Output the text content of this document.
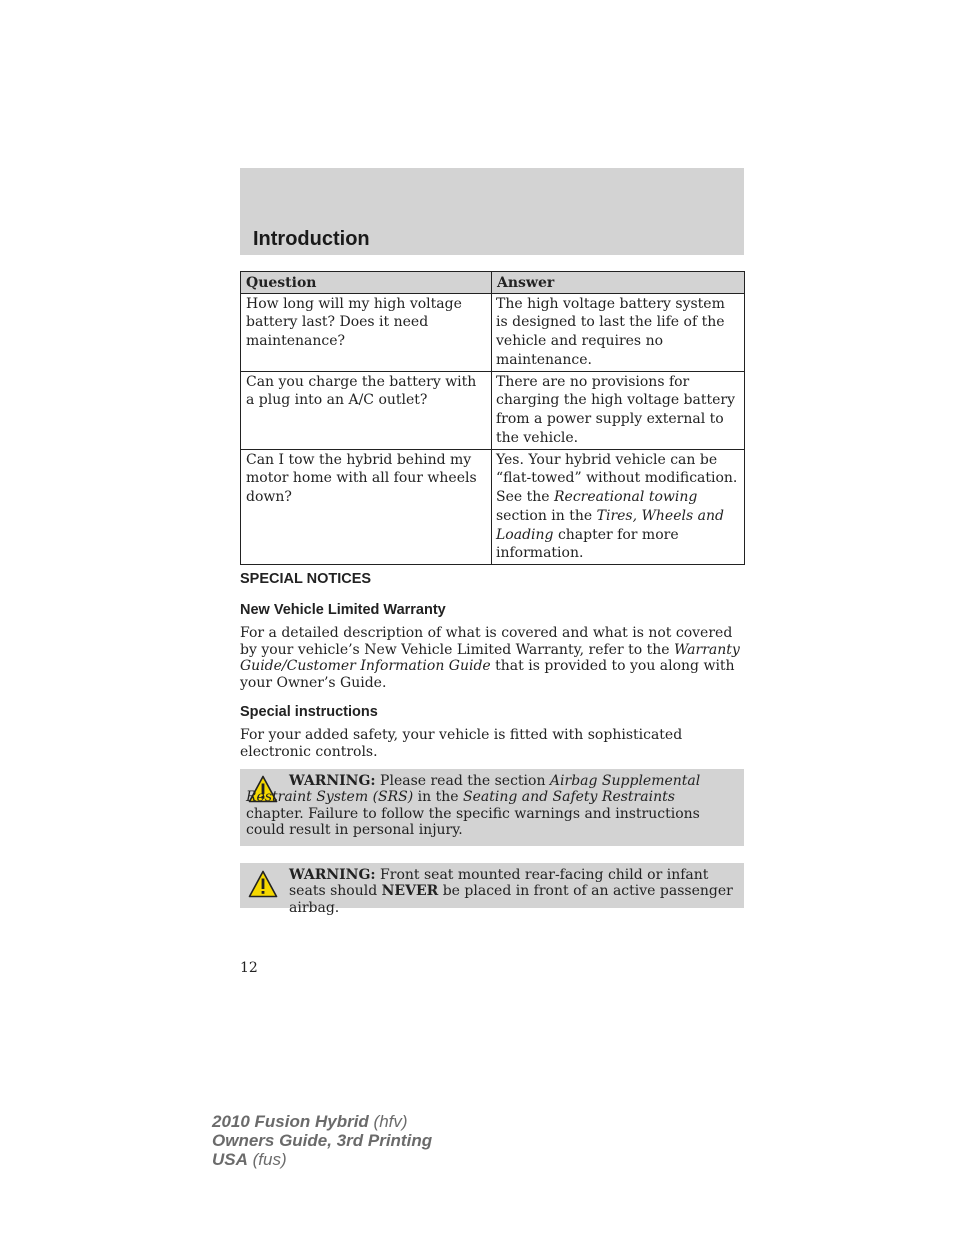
Introduction
Question	Answer
How long will my high voltage battery last? Does it need maintenance?	The high voltage battery system is designed to last the life of the vehicle and requires no maintenance.
Can you charge the battery with a plug into an A/C outlet?	There are no provisions for charging the high voltage battery from a power supply external to the vehicle.
Can I tow the hybrid behind my motor home with all four wheels down?	Yes. Your hybrid vehicle can be “flat-towed” without modification. See the Recreational towing section in the Tires, Wheels and Loading chapter for more information.
SPECIAL NOTICES
New Vehicle Limited Warranty
For a detailed description of what is covered and what is not covered by your vehicle’s New Vehicle Limited Warranty, refer to the Warranty Guide/Customer Information Guide that is provided to you along with your Owner’s Guide.
Special instructions
For your added safety, your vehicle is fitted with sophisticated electronic controls.
WARNING: Please read the section Airbag Supplemental Restraint System (SRS) in the Seating and Safety Restraints chapter. Failure to follow the specific warnings and instructions could result in personal injury.
WARNING: Front seat mounted rear-facing child or infant seats should NEVER be placed in front of an active passenger airbag.
12
2010 Fusion Hybrid (hfv)
Owners Guide, 3rd Printing
USA (fus)
